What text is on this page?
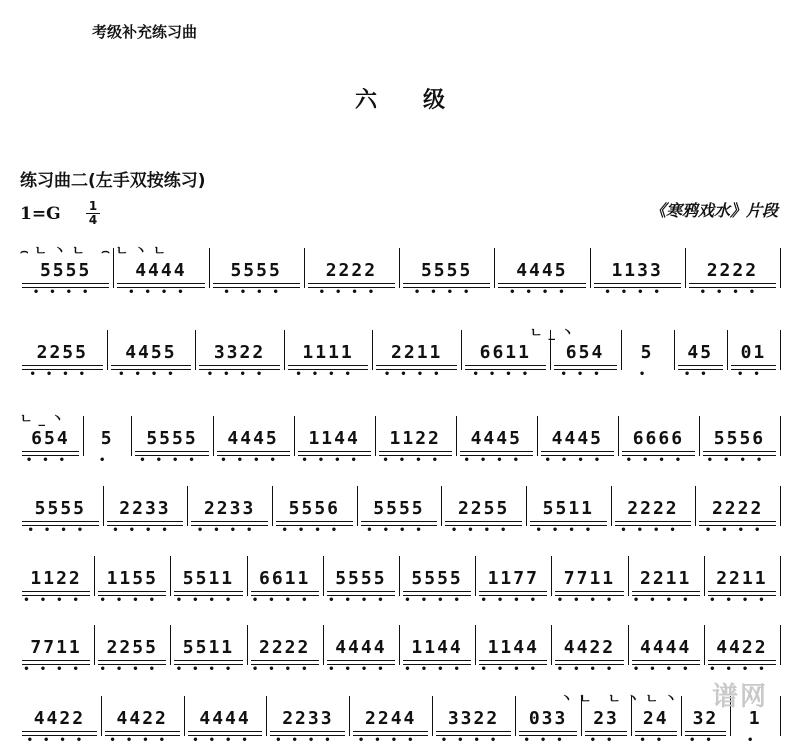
考级补充练习曲
六级
练习曲二(左手双按练习)
1=G 1
4	《寒鸦戏水》片段
⌢ㄴ丶ㄴ ⌢ㄴ丶ㄴ
5555
••••
4444
••••
5555
••••
2222
••••
5555
••••
4445
••••
1133
••••
2222
••••
ㄴ_丶
2255
••••
4455
••••
3322
••••
1111
••••
2211
••••
6611
••••
654
•••
5
•
45
••
01
••
ㄴ_丶
654
•••
5
•
5555
••••
4445
••••
1144
••••
1122
••••
4445
••••
4445
••••
6666
••••
5556
••••
5555
••••
2233
••••
2233
••••
5556
••••
5555
••••
2255
••••
5511
••••
2222
••••
2222
••••
1122
••••
1155
••••
5511
••••
6611
••••
5555
••••
5555
••••
1177
••••
7711
••••
2211
••••
2211
••••
7711
••••
2255
••••
5511
••••
2222
••••
4444
••••
1144
••••
1144
••••
4422
••••
4444
••••
4422
••••
丶ㄴ ㄴ丶ㄴ丶
4422
••••
4422
••••
4444
••••
2233
••••
2244
••••
3322
••••
033
•••
23
••
24
••
32
••
1
•
谱网
